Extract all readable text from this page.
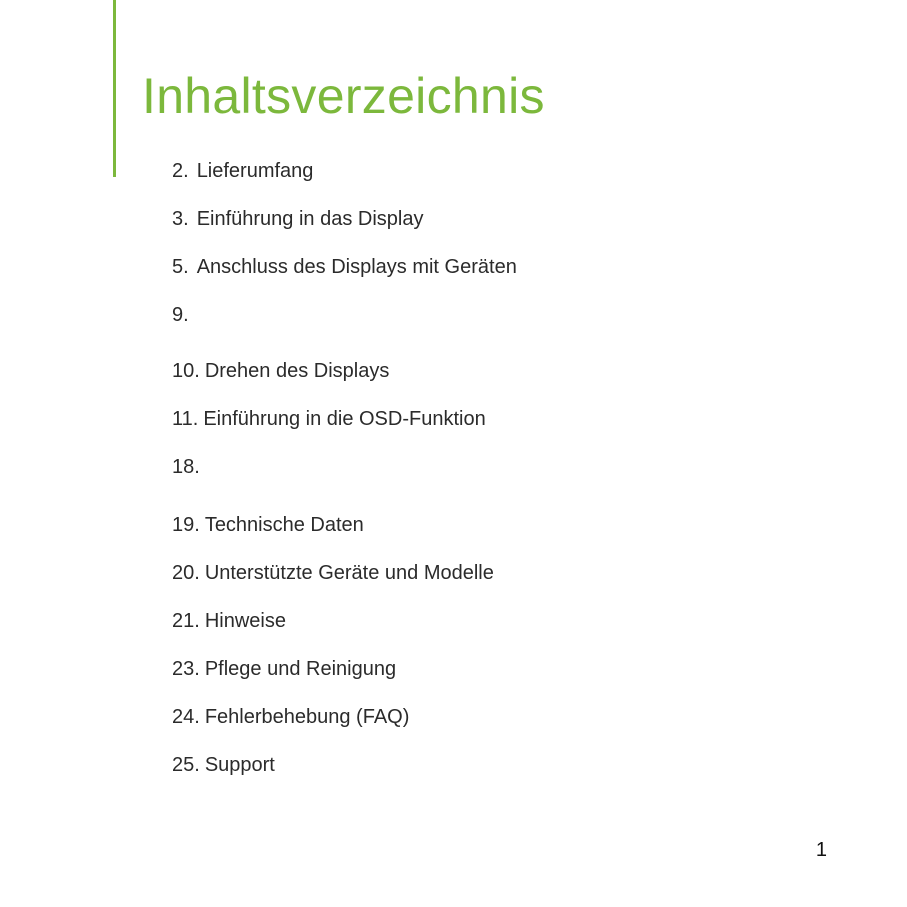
Inhaltsverzeichnis
2. Lieferumfang
3. Einführung in das Display
5. Anschluss des Displays mit Geräten
9.
10. Drehen des Displays
11. Einführung in die OSD-Funktion
18.
19. Technische Daten
20. Unterstützte Geräte und Modelle
21. Hinweise
23. Pflege und Reinigung
24. Fehlerbehebung (FAQ)
25. Support
1
